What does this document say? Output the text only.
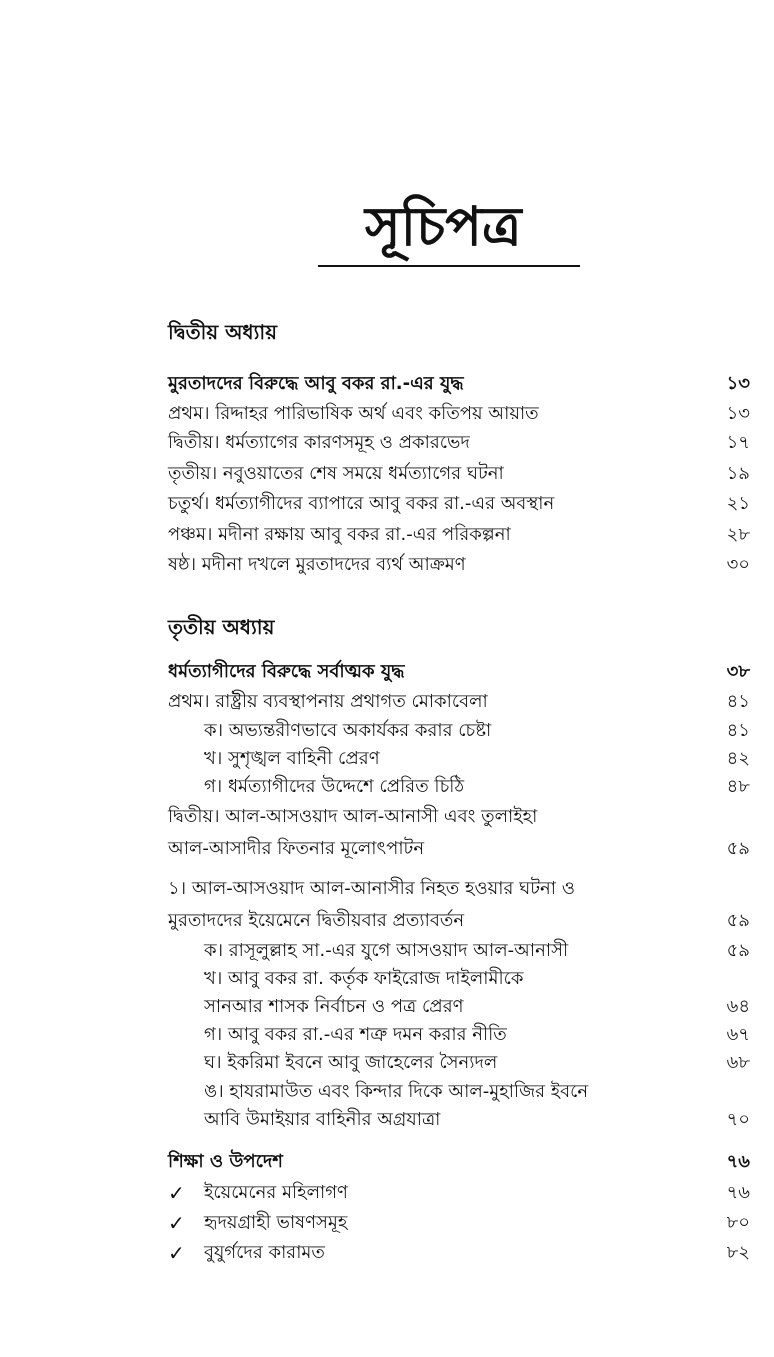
সূচিপত্র
দ্বিতীয় অধ্যায়
মুরতাদদের বিরুদ্ধে আবু বকর রা.-এর যুদ্ধ	১৩
প্রথম। রিদ্দাহর পারিভাষিক অর্থ এবং কতিপয় আয়াত	১৩
দ্বিতীয়। ধর্মত্যাগের কারণসমূহ ও প্রকারভেদ	১৭
তৃতীয়। নবুওয়াতের শেষ সময়ে ধর্মত্যাগের ঘটনা	১৯
চতুর্থ। ধর্মত্যাগীদের ব্যাপারে আবু বকর রা.-এর অবস্থান	২১
পঞ্চম। মদীনা রক্ষায় আবু বকর রা.-এর পরিকল্পনা	২৮
ষষ্ঠ। মদীনা দখলে মুরতাদদের ব্যর্থ আক্রমণ	৩০
তৃতীয় অধ্যায়
ধর্মত্যাগীদের বিরুদ্ধে সর্বাত্মক যুদ্ধ	৩৮
প্রথম। রাষ্ট্রীয় ব্যবস্থাপনায় প্রথাগত মোকাবেলা	৪১
ক। অভ্যন্তরীণভাবে অকার্যকর করার চেষ্টা	৪১
খ। সুশৃঙ্খল বাহিনী প্রেরণ	৪২
গ। ধর্মত্যাগীদের উদ্দেশে প্রেরিত চিঠি	৪৮
দ্বিতীয়। আল-আসওয়াদ আল-আনাসী এবং তুলাইহা
আল-আসাদীর ফিতনার মূলোৎপাটন	৫৯
১। আল-আসওয়াদ আল-আনাসীর নিহত হওয়ার ঘটনা ও
মুরতাদদের ইয়েমেনে দ্বিতীয়বার প্রত্যাবর্তন	৫৯
ক। রাসূলুল্লাহ সা.-এর যুগে আসওয়াদ আল-আনাসী	৫৯
খ। আবু বকর রা. কর্তৃক ফাইরোজ দাইলামীকে
সানআর শাসক নির্বাচন ও পত্র প্রেরণ	৬৪
গ। আবু বকর রা.-এর শত্রু দমন করার নীতি	৬৭
ঘ। ইকরিমা ইবনে আবু জাহেলের সৈন্যদল	৬৮
ঙ। হাযরামাউত এবং কিন্দার দিকে আল-মুহাজির ইবনে
আবি উমাইয়ার বাহিনীর অগ্রযাত্রা	৭০
শিক্ষা ও উপদেশ	৭৬
✓ ইয়েমেনের মহিলাগণ	৭৬
✓ হৃদয়গ্রাহী ভাষণসমূহ	৮০
✓ বুযুর্গদের কারামত	৮২
